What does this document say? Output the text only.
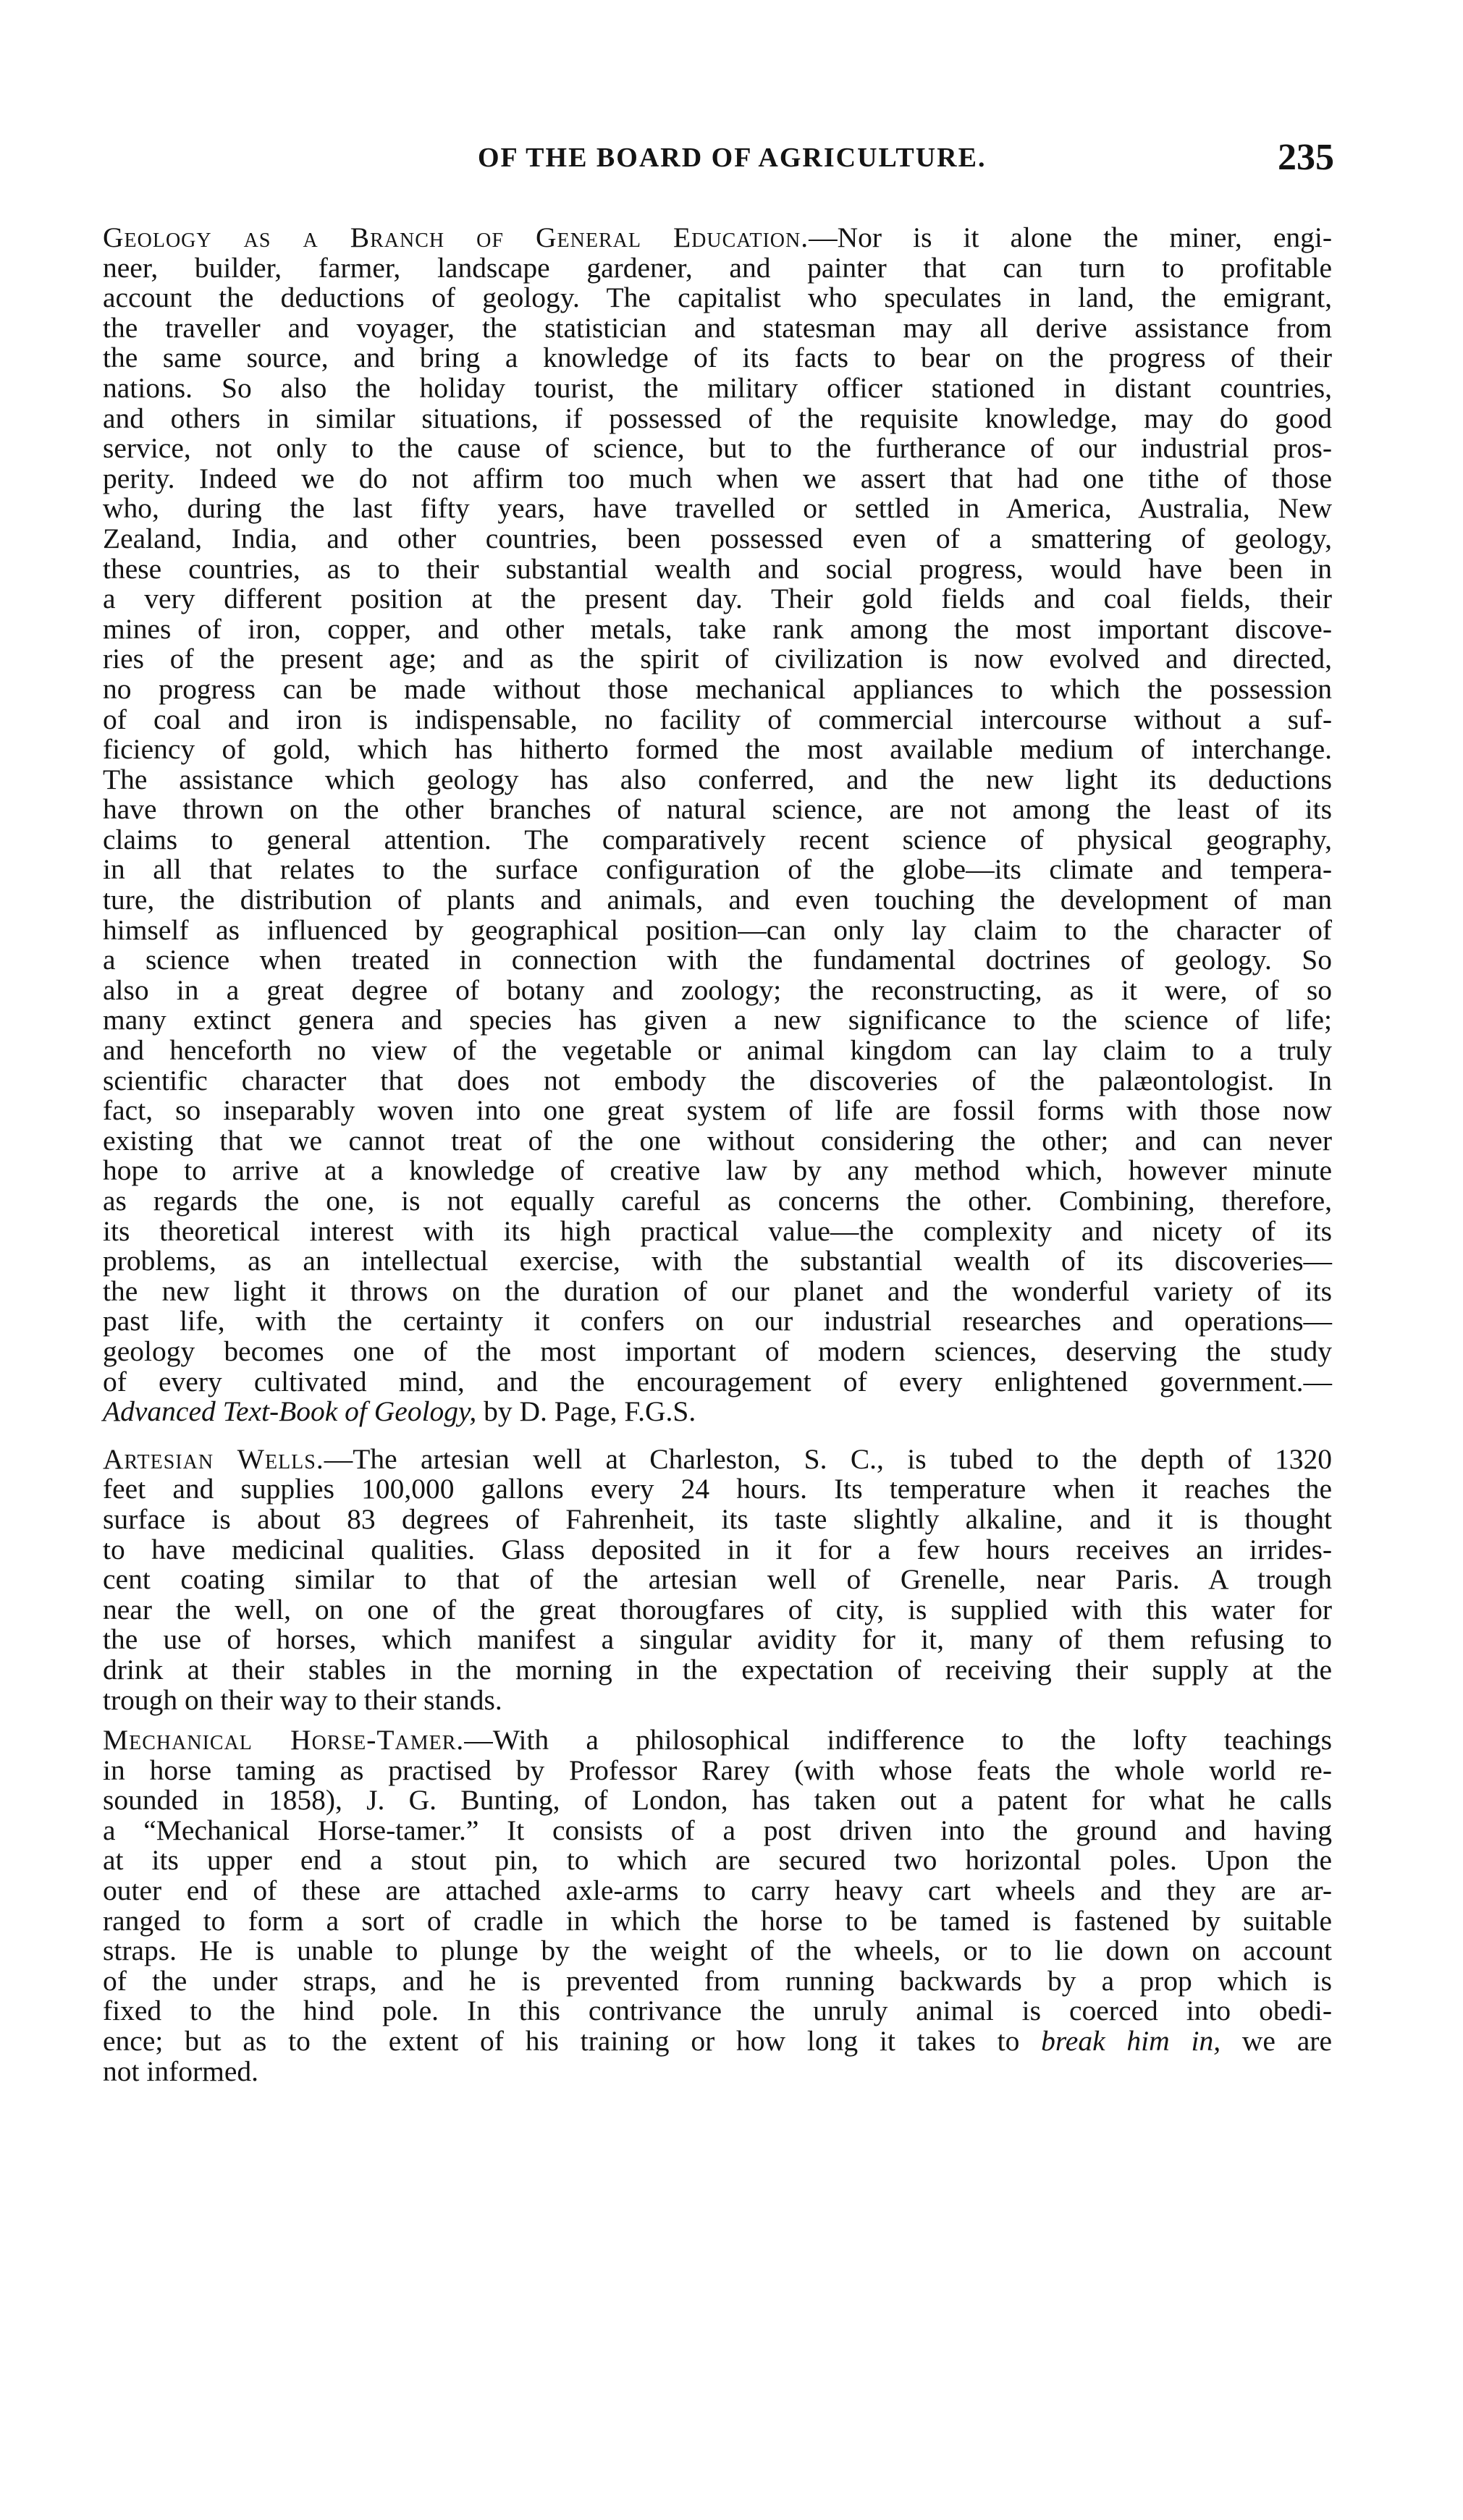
OF THE BOARD OF AGRICULTURE.	235
Geology as a Branch of General Education.—Nor is it alone the miner, engi-
neer, builder, farmer, landscape gardener, and painter that can turn to profitable
account the deductions of geology. The capitalist who speculates in land, the emigrant,
the traveller and voyager, the statistician and statesman may all derive assistance from
the same source, and bring a knowledge of its facts to bear on the progress of their
nations. So also the holiday tourist, the military officer stationed in distant countries,
and others in similar situations, if possessed of the requisite knowledge, may do good
service, not only to the cause of science, but to the furtherance of our industrial pros-
perity. Indeed we do not affirm too much when we assert that had one tithe of those
who, during the last fifty years, have travelled or settled in America, Australia, New
Zealand, India, and other countries, been possessed even of a smattering of geology,
these countries, as to their substantial wealth and social progress, would have been in
a very different position at the present day. Their gold fields and coal fields, their
mines of iron, copper, and other metals, take rank among the most important discove-
ries of the present age; and as the spirit of civilization is now evolved and directed,
no progress can be made without those mechanical appliances to which the possession
of coal and iron is indispensable, no facility of commercial intercourse without a suf-
ficiency of gold, which has hitherto formed the most available medium of interchange.
The assistance which geology has also conferred, and the new light its deductions
have thrown on the other branches of natural science, are not among the least of its
claims to general attention. The comparatively recent science of physical geography,
in all that relates to the surface configuration of the globe—its climate and tempera-
ture, the distribution of plants and animals, and even touching the development of man
himself as influenced by geographical position—can only lay claim to the character of
a science when treated in connection with the fundamental doctrines of geology. So
also in a great degree of botany and zoology; the reconstructing, as it were, of so
many extinct genera and species has given a new significance to the science of life;
and henceforth no view of the vegetable or animal kingdom can lay claim to a truly
scientific character that does not embody the discoveries of the palæontologist. In
fact, so inseparably woven into one great system of life are fossil forms with those now
existing that we cannot treat of the one without considering the other; and can never
hope to arrive at a knowledge of creative law by any method which, however minute
as regards the one, is not equally careful as concerns the other. Combining, therefore,
its theoretical interest with its high practical value—the complexity and nicety of its
problems, as an intellectual exercise, with the substantial wealth of its discoveries—
the new light it throws on the duration of our planet and the wonderful variety of its
past life, with the certainty it confers on our industrial researches and operations—
geology becomes one of the most important of modern sciences, deserving the study
of every cultivated mind, and the encouragement of every enlightened government.—
Advanced Text-Book of Geology, by D. Page, F.G.S.
Artesian Wells.—The artesian well at Charleston, S. C., is tubed to the depth of 1320
feet and supplies 100,000 gallons every 24 hours. Its temperature when it reaches the
surface is about 83 degrees of Fahrenheit, its taste slightly alkaline, and it is thought
to have medicinal qualities. Glass deposited in it for a few hours receives an irrides-
cent coating similar to that of the artesian well of Grenelle, near Paris. A trough
near the well, on one of the great thorougfares of city, is supplied with this water for
the use of horses, which manifest a singular avidity for it, many of them refusing to
drink at their stables in the morning in the expectation of receiving their supply at the
trough on their way to their stands.
Mechanical Horse-Tamer.—With a philosophical indifference to the lofty teachings
in horse taming as practised by Professor Rarey (with whose feats the whole world re-
sounded in 1858), J. G. Bunting, of London, has taken out a patent for what he calls
a “Mechanical Horse-tamer.” It consists of a post driven into the ground and having
at its upper end a stout pin, to which are secured two horizontal poles. Upon the
outer end of these are attached axle-arms to carry heavy cart wheels and they are ar-
ranged to form a sort of cradle in which the horse to be tamed is fastened by suitable
straps. He is unable to plunge by the weight of the wheels, or to lie down on account
of the under straps, and he is prevented from running backwards by a prop which is
fixed to the hind pole. In this contrivance the unruly animal is coerced into obedi-
ence; but as to the extent of his training or how long it takes to break him in, we are
not informed.
